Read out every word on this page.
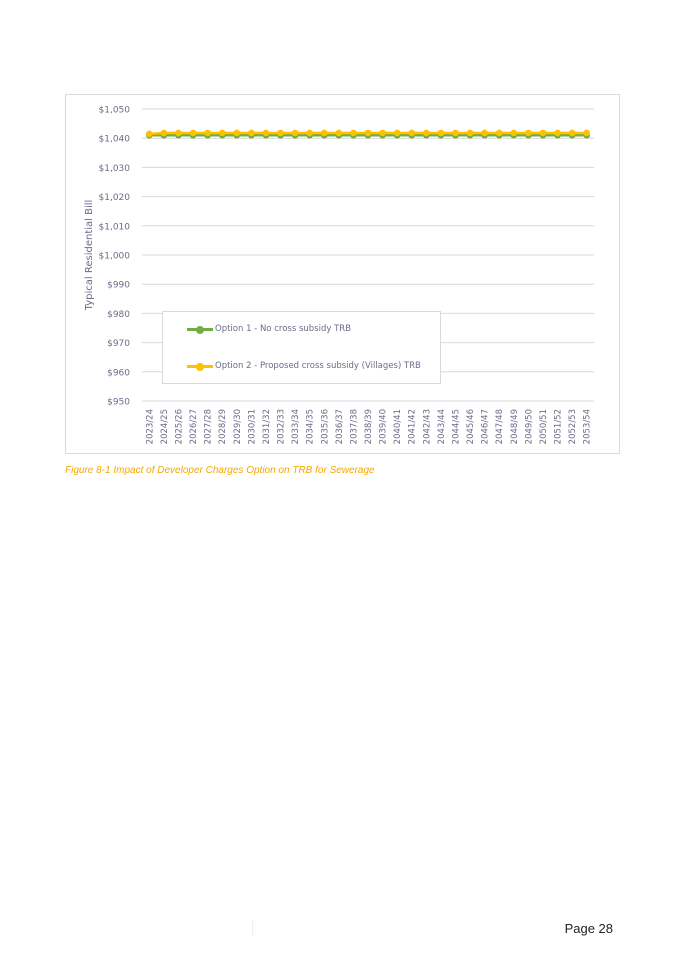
$950
$960
$970
$980
$990
$1,000
$1,010
$1,020
$1,030
$1,040
$1,050
Typical Residential Bill
2023/24 2024/25 2025/26 2026/27 2027/28 2028/29 2029/30 2030/31 2031/32 2032/33 2033/34 2034/35 2035/36 2036/37 2037/38 2038/39 2039/40 2040/41 2041/42 2042/43 2043/44 2044/45 2045/46 2046/47 2047/48 2048/49 2049/50 2050/51 2051/52 2052/53 2053/54
Option 1 - No cross subsidy TRB
Option 2 - Proposed cross subsidy (Villages) TRB
Figure 8-1 Impact of Developer Charges Option on TRB for Sewerage
Page 28
